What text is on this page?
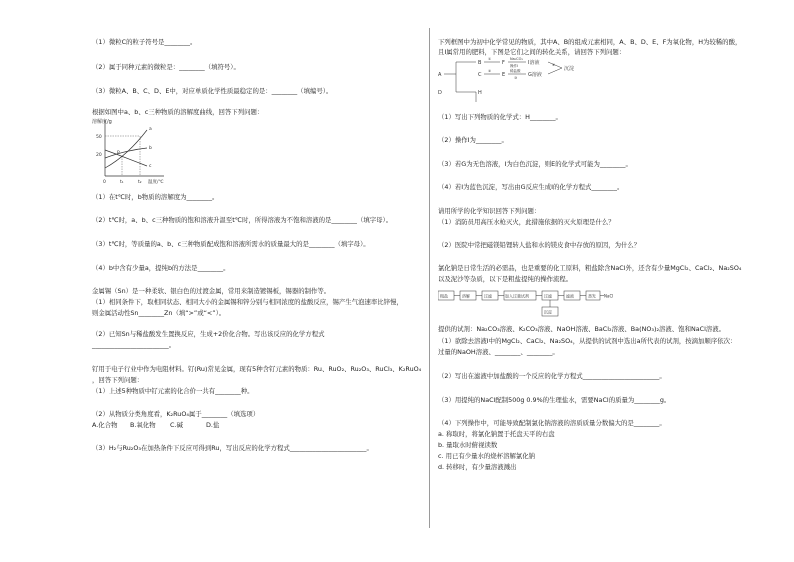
（1）微粒C的粒子符号是________。
（2）属于同种元素的微粒是：________（填符号）。
（3）微粒A、B、C、D、E中，对应单质化学性质最稳定的是：________（填编号）。
根据如图中a、b、c三种物质的溶解度曲线，回答下列问题：
溶解度/g
50
20
a
b
c
P
0	t₁	t₂ 温度/℃
（1）在t℃时，b物质的溶解度为________。
（2）t℃时，a、b、c三种物质的饱和溶液升温至t℃时，所得溶液为不饱和溶液的是________（填字母）。
（3）t℃时，等质量的a、b、c三种物质配成饱和溶液所需水的质量最大的是________（填字母）。
（4）b中含有少量a，提纯b的方法是________。
金属锡（Sn）是一种柔软、银白色的过渡金属，常用来制造镀锡板，锡器的制作等。
（1）相同条件下，取相同状态、相同大小的金属锡和锌分别与相同浓度的盐酸反应，锡产生气泡速率比锌慢，
则金属活动性Sn________Zn（填“>”或“<”）。
（2）已知Sn与稀盐酸发生置换反应，生成+2价化合物。写出该反应的化学方程式
________________________。
钌用于电子行业中作为电阻材料。钌(Ru)常见金属，现有5种含钌元素的物质：Ru、RuO₂、Ru₂O₃、RuCl₃、K₂RuO₄
，回答下列问题：
（1）上述5种物质中钌元素的化合价一共有________种。
（2）从物质分类角度看，K₂RuO₄属于________（填选项）
A.化合物 B.氧化物 C.碱	D.盐
（3）H₂与Ru₂O₃在加热条件下反应可得到Ru，写出反应的化学方程式________________________。
下列框图中为初中化学常见的物质，其中A、B的组成元素相同，A、B、D、E、F为氧化物，H为较稀的酸，
且I属常用的肥料，下图是它们之间的转化关系，请回答下列问题：
A
B
D
C
F
E
①
②
Na₂CO₃
操作Ⅰ I溶液
稀盐酸
③ G溶液
④
沉淀
H
（1）写出下列物质的化学式：H________。
（2）操作Ⅰ为________。
（3）若G为无色溶液，I为白色沉淀，则E的化学式可能为________。
（4）若I为蓝色沉淀，写出由G反应生成I的化学方程式________。
请用所学的化学知识回答下列问题：
（1）消防员用高压水枪灭火，此措施依据的灭火原理是什么？
（2）医院中常把磁镁铅锂转人盐和水的镁皮食中存放的原因，为什么？
氯化钠是日常生活的必需品，也是重要的化工原料，粗盐除含NaCl外，还含有少量MgCl₂、CaCl₂、Na₂SO₄
以及泥沙等杂质，以下是粗盐提纯的操作流程。
粗盐	溶解	过滤	加入过量试剂	过滤	滤液	蒸发 NaCl
沉淀
提供的试剂：Na₂CO₃溶液、K₂CO₃溶液、NaOH溶液、BaCl₂溶液、Ba(NO₃)₂溶液、饱和NaCl溶液。
（1）欲除去溶液Ⅰ中的MgCl₂、CaCl₂、Na₂SO₄，从提供的试剂中选出a所代表的试剂，按滴加顺序依次：
过量的NaOH溶液、________、________。
（2）写出在滤液中加盐酸的一个反应的化学方程式________________________。
（3）用提纯的NaCl配制500g 0.9%的生理盐水，需要NaCl的质量为________g。
（4）下列操作中，可能导致配制氯化钠溶液的溶质质量分数偏大的是________。
a. 称取时，将氯化钠置于托盘天平的右盘
b. 量取水时俯视读数
c. 用已有少量水的烧杯溶解氯化钠
d. 转移时，有少量溶液溅出
